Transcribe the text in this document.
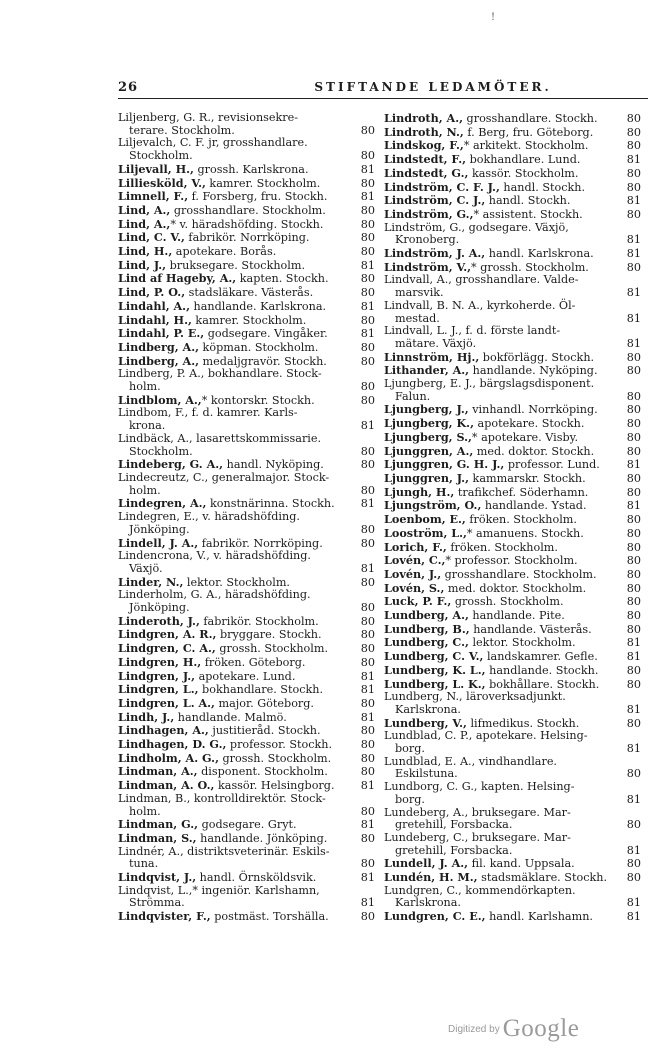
!
26	STIFTANDE LEDAMÖTER.
Liljenberg, G. R., revisionsekre-
terare. Stockholm.	80
Liljevalch, C. F. jr, grosshandlare.
Stockholm.	80
Liljevall, H., grossh. Karlskrona.	81
Lilliesköld, V., kamrer. Stockholm.	80
Limnell, F., f. Forsberg, fru. Stockh.	81
Lind, A., grosshandlare. Stockholm.	80
Lind, A.,* v. häradshöfding. Stockh.	80
Lind, C. V., fabrikör. Norrköping.	80
Lind, H., apotekare. Borås.	80
Lind, J., bruksegare. Stockholm.	81
Lind af Hageby, A., kapten. Stockh.	80
Lind, P. O., stadsläkare. Västerås.	80
Lindahl, A., handlande. Karlskrona.	81
Lindahl, H., kamrer. Stockholm.	80
Lindahl, P. E., godsegare. Vingåker.	81
Lindberg, A., köpman. Stockholm.	80
Lindberg, A., medaljgravör. Stockh.	80
Lindberg, P. A., bokhandlare. Stock-
holm.	80
Lindblom, A.,* kontorskr. Stockh.	80
Lindbom, F., f. d. kamrer. Karls-
krona.	81
Lindbäck, A., lasarettskommissarie.
Stockholm.	80
Lindeberg, G. A., handl. Nyköping.	80
Lindecreutz, C., generalmajor. Stock-
holm.	80
Lindegren, A., konstnärinna. Stockh. 81
Lindegren, E., v. häradshöfding.
Jönköping.	80
Lindell, J. A., fabrikör. Norrköping.	80
Lindencrona, V., v. häradshöfding.
Växjö.	81
Linder, N., lektor. Stockholm.	80
Linderholm, G. A., häradshöfding.
Jönköping.	80
Linderoth, J., fabrikör. Stockholm.	80
Lindgren, A. R., bryggare. Stockh.	80
Lindgren, C. A., grossh. Stockholm.	80
Lindgren, H., fröken. Göteborg.	80
Lindgren, J., apotekare. Lund.	81
Lindgren, L., bokhandlare. Stockh.	81
Lindgren, L. A., major. Göteborg.	80
Lindh, J., handlande. Malmö.	81
Lindhagen, A., justitieråd. Stockh.	80
Lindhagen, D. G., professor. Stockh.	80
Lindholm, A. G., grossh. Stockholm.	80
Lindman, A., disponent. Stockholm.	80
Lindman, A. O., kassör. Helsingborg. 81
Lindman, B., kontrolldirektör. Stock-
holm.	80
Lindman, G., godsegare. Gryt.	81
Lindman, S., handlande. Jönköping.	80
Lindnér, A., distriktsveterinär. Eskils-
tuna.	80
Lindqvist, J., handl. Örnsköldsvik.	81
Lindqvist, L.,* ingeniör. Karlshamn,
Strömma.	81
Lindqvister, F., postmäst. Torshälla.	80
Lindroth, A., grosshandlare. Stockh.	80
Lindroth, N., f. Berg, fru. Göteborg.	80
Lindskog, F.,* arkitekt. Stockholm.	80
Lindstedt, F., bokhandlare. Lund.	81
Lindstedt, G., kassör. Stockholm.	80
Lindström, C. F. J., handl. Stockh.	80
Lindström, C. J., handl. Stockh.	81
Lindström, G.,* assistent. Stockh.	80
Lindström, G., godsegare. Växjö,
Kronoberg.	81
Lindström, J. A., handl. Karlskrona.	81
Lindström, V.,* grossh. Stockholm.	80
Lindvall, A., grosshandlare. Valde-
marsvik.	81
Lindvall, B. N. A., kyrkoherde. Öl-
mestad.	81
Lindvall, L. J., f. d. förste landt-
mätare. Växjö.	81
Linnström, Hj., bokförlägg. Stockh.	80
Lithander, A., handlande. Nyköping.	80
Ljungberg, E. J., bärgslagsdisponent.
Falun.	80
Ljungberg, J., vinhandl. Norrköping.	80
Ljungberg, K., apotekare. Stockh.	80
Ljungberg, S.,* apotekare. Visby.	80
Ljunggren, A., med. doktor. Stockh.	80
Ljunggren, G. H. J., professor. Lund. 81
Ljunggren, J., kammarskr. Stockh.	80
Ljungh, H., trafikchef. Söderhamn.	80
Ljungström, O., handlande. Ystad.	81
Loenbom, E., fröken. Stockholm.	80
Looström, L.,* amanuens. Stockh.	80
Lorich, F., fröken. Stockholm.	80
Lovén, C.,* professor. Stockholm.	80
Lovén, J., grosshandlare. Stockholm.	80
Lovén, S., med. doktor. Stockholm.	80
Luck, P. F., grossh. Stockholm.	80
Lundberg, A., handlande. Pite.	80
Lundberg, B., handlande. Västerås.	80
Lundberg, C., lektor. Stockholm.	81
Lundberg, C. V., landskamrer. Gefle.	81
Lundberg, K. L., handlande. Stockh.	80
Lundberg, L. K., bokhållare. Stockh. 80
Lundberg, N., läroverksadjunkt.
Karlskrona.	81
Lundberg, V., lifmedikus. Stockh.	80
Lundblad, C. P., apotekare. Helsing-
borg.	81
Lundblad, E. A., vindhandlare.
Eskilstuna.	80
Lundborg, C. G., kapten. Helsing-
borg.	81
Lundeberg, A., bruksegare. Mar-
gretehill, Forsbacka.	80
Lundeberg, C., bruksegare. Mar-
gretehill, Forsbacka.	81
Lundell, J. A., fil. kand. Uppsala.	80
Lundén, H. M., stadsmäklare. Stockh. 80
Lundgren, C., kommendörkapten.
Karlskrona.	81
Lundgren, C. E., handl. Karlshamn.	81
Digitized by Google
